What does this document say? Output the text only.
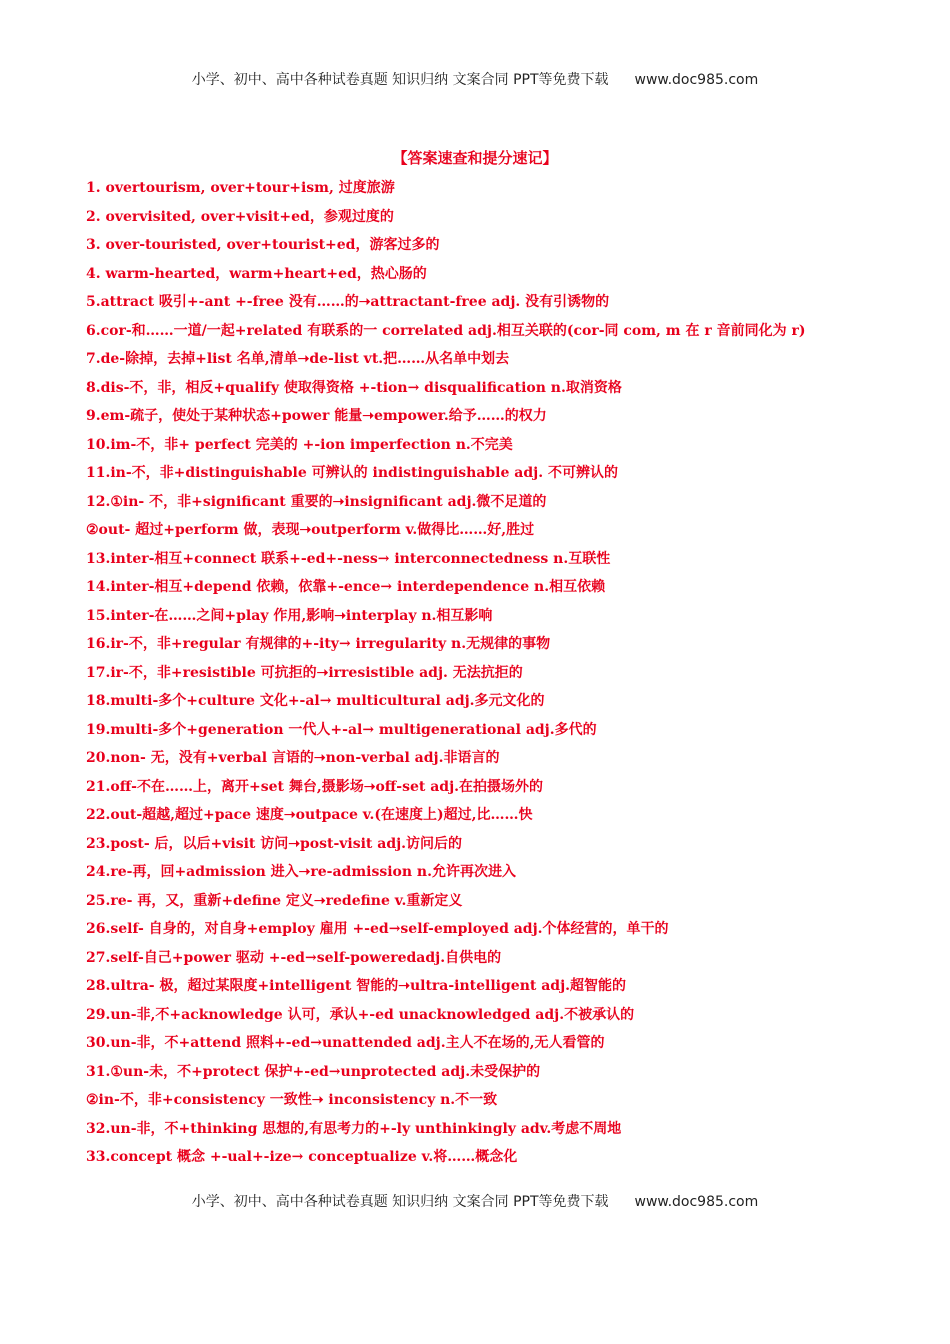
小学、初中、高中各种试卷真题 知识归纳 文案合同 PPT等免费下载 www.doc985.com
【答案速查和提分速记】
1. overtourism, over+tour+ism, 过度旅游
2. overvisited, over+visit+ed，参观过度的
3. over-touristed, over+tourist+ed，游客过多的
4. warm-hearted，warm+heart+ed，热心肠的
5.attract 吸引+-ant +-free 没有……的➝attractant-free adj. 没有引诱物的
6.cor-和……一道/一起+related 有联系的一 correlated adj.相互关联的(cor-同 com, m 在 r 音前同化为 r)
7.de-除掉，去掉+list 名单,清单➝de-list vt.把……从名单中划去
8.dis-不，非，相反+qualify 使取得资格 +-tion→ disqualification n.取消资格
9.em-疏子，使处于某种状态+power 能量➝empower.给予……的权力
10.im-不，非+ perfect 完美的 +-ion imperfection n.不完美
11.in-不，非+distinguishable 可辨认的 indistinguishable adj. 不可辨认的
12.①in- 不，非+significant 重要的➝insignificant adj.微不足道的
②out- 超过+perform 做，表现➝outperform v.做得比……好,胜过
13.inter-相互+connect 联系+-ed+-ness→ interconnectedness n.互联性
14.inter-相互+depend 依赖，依靠+-ence→ interdependence n.相互依赖
15.inter-在……之间+play 作用,影响➝interplay n.相互影响
16.ir-不，非+regular 有规律的+-ity→ irregularity n.无规律的事物
17.ir-不，非+resistible 可抗拒的➝irresistible adj. 无法抗拒的
18.multi-多个+culture 文化+-al→ multicultural adj.多元文化的
19.multi-多个+generation 一代人+-al→ multigenerational adj.多代的
20.non- 无，没有+verbal 言语的➝non-verbal adj.非语言的
21.off-不在……上，离开+set 舞台,摄影场➝off-set adj.在拍摄场外的
22.out-超越,超过+pace 速度➝outpace v.(在速度上)超过,比……快
23.post- 后，以后+visit 访问➝post-visit adj.访问后的
24.re-再，回+admission 进入➝re-admission n.允许再次进入
25.re- 再，又，重新+define 定义➝redefine v.重新定义
26.self- 自身的，对自身+employ 雇用 +-ed→self-employed adj.个体经营的，单干的
27.self-自己+power 驱动 +-ed→self-poweredadj.自供电的
28.ultra- 极，超过某限度+intelligent 智能的➝ultra-intelligent adj.超智能的
29.un-非,不+acknowledge 认可，承认+-ed unacknowledged adj.不被承认的
30.un-非，不+attend 照料+-ed→unattended adj.主人不在场的,无人看管的
31.①un-未，不+protect 保护+-ed→unprotected adj.未受保护的
②in-不，非+consistency 一致性➝ inconsistency n.不一致
32.un-非，不+thinking 思想的,有思考力的+-ly unthinkingly adv.考虑不周地
33.concept 概念 +-ual+-ize→ conceptualize v.将……概念化
小学、初中、高中各种试卷真题 知识归纳 文案合同 PPT等免费下载 www.doc985.com
